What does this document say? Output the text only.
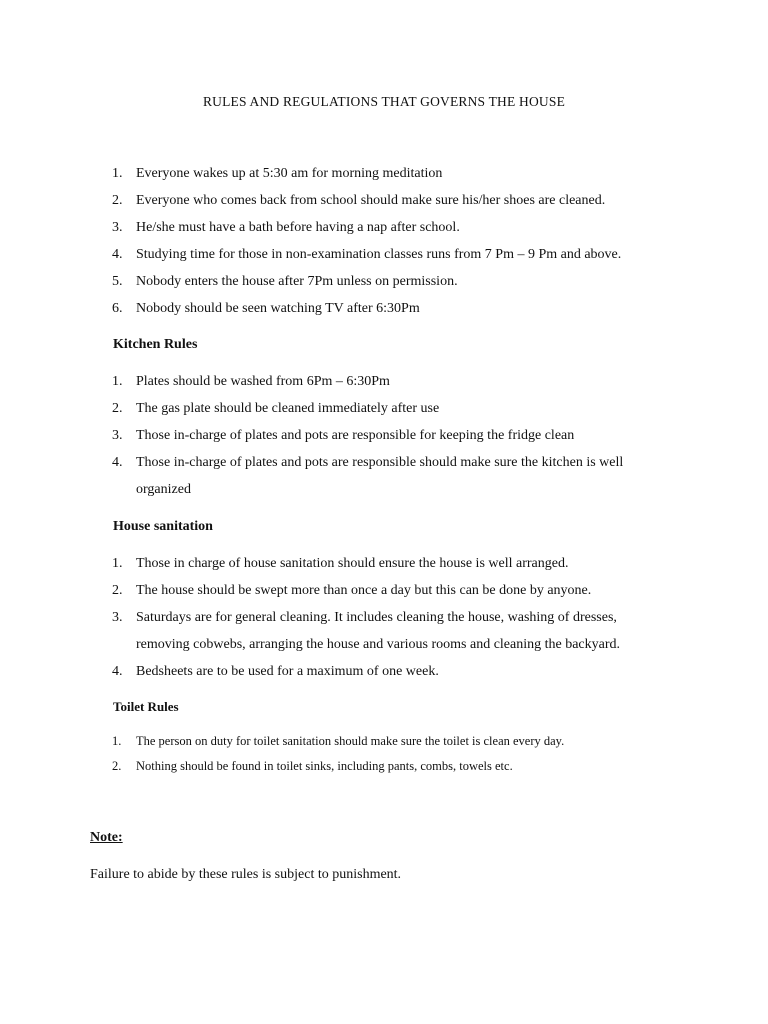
RULES AND REGULATIONS THAT GOVERNS THE HOUSE
1. Everyone wakes up at 5:30 am for morning meditation
2. Everyone who comes back from school should make sure his/her shoes are cleaned.
3. He/she must have a bath before having a nap after school.
4. Studying time for those in non-examination classes runs from 7 Pm – 9 Pm and above.
5. Nobody enters the house after 7Pm unless on permission.
6. Nobody should be seen watching TV after 6:30Pm
Kitchen Rules
1. Plates should be washed from 6Pm – 6:30Pm
2. The gas plate should be cleaned immediately after use
3. Those in-charge of plates and pots are responsible for keeping the fridge clean
4. Those in-charge of plates and pots are responsible should make sure the kitchen is well organized
House sanitation
1. Those in charge of house sanitation should ensure the house is well arranged.
2. The house should be swept more than once a day but this can be done by anyone.
3. Saturdays are for general cleaning. It includes cleaning the house, washing of dresses, removing cobwebs, arranging the house and various rooms and cleaning the backyard.
4. Bedsheets are to be used for a maximum of one week.
Toilet Rules
1.	The person on duty for toilet sanitation should make sure the toilet is clean every day.
2.	Nothing should be found in toilet sinks, including pants, combs, towels etc.
Note:

Failure to abide by these rules is subject to punishment.
